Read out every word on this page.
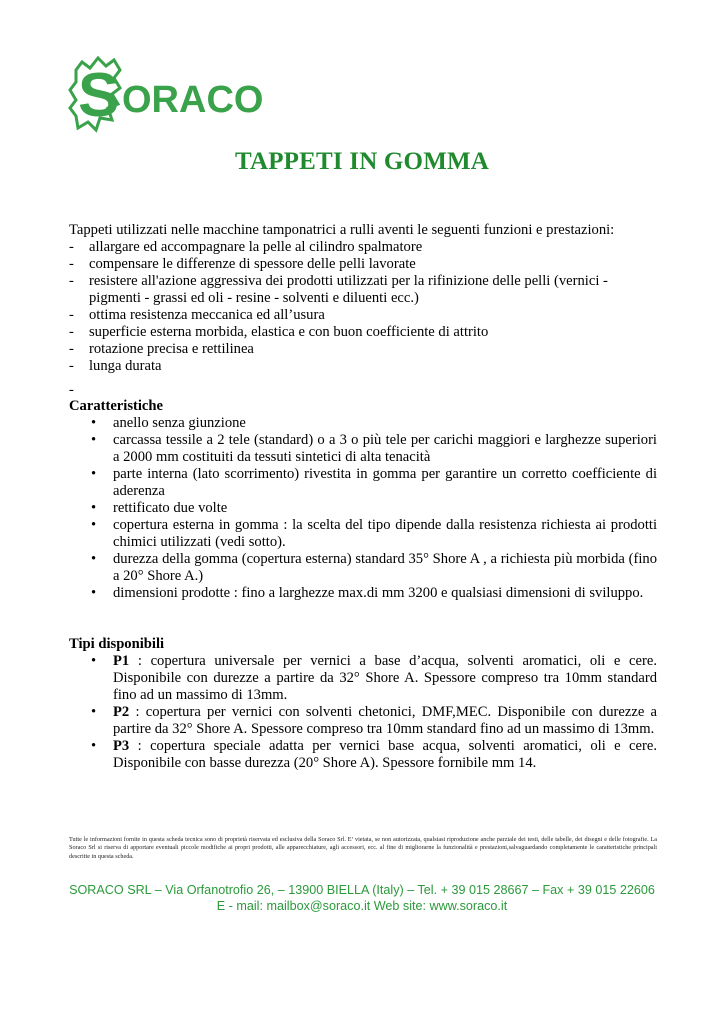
S ORACO
TAPPETI IN GOMMA

Tappeti utilizzati nelle macchine tamponatrici a rulli aventi le seguenti funzioni e prestazioni:

- allargare ed accompagnare la pelle al cilindro spalmatore
- compensare le differenze di spessore delle pelli lavorate
- resistere all'azione aggressiva dei prodotti utilizzati per la rifinizione delle pelli (vernici - pigmenti - grassi ed oli - resine - solventi e diluenti ecc.)
- ottima resistenza meccanica ed all’usura
- superficie esterna morbida, elastica e con buon coefficiente di attrito
- rotazione precisa e rettilinea
- lunga durata

-

Caratteristiche

• anello senza giunzione
• carcassa tessile a 2 tele (standard) o a 3 o più tele per carichi maggiori e larghezze superiori a 2000 mm costituiti da tessuti sintetici di alta tenacità
• parte interna (lato scorrimento) rivestita in gomma per garantire un corretto coefficiente di aderenza
• rettificato due volte
• copertura esterna in gomma : la scelta del tipo dipende dalla resistenza richiesta ai prodotti chimici utilizzati (vedi sotto).
• durezza della gomma (copertura esterna) standard 35° Shore A , a richiesta più morbida (fino a 20° Shore A.)
• dimensioni prodotte : fino a larghezze max.di mm 3200 e qualsiasi dimensioni di sviluppo.

Tipi disponibili

• P1 : copertura universale per vernici a base d’acqua, solventi aromatici, oli e cere. Disponibile con durezze a partire da 32° Shore A. Spessore compreso tra 10mm standard fino ad un massimo di 13mm.
• P2 : copertura per vernici con solventi chetonici, DMF,MEC. Disponibile con durezze a partire da 32° Shore A. Spessore compreso tra 10mm standard fino ad un massimo di 13mm.
• P3 : copertura speciale adatta per vernici base acqua, solventi aromatici, oli e cere. Disponibile con basse durezza (20° Shore A). Spessore fornibile mm 14.
Tutte le informazioni fornite in questa scheda tecnica sono di proprietà riservata ed esclusiva della Soraco Srl. E’ vietata, se non autorizzata, qualsiasi riproduzione anche parziale dei testi, delle tabelle, dei disegni e delle fotografie. La Soraco Srl si riserva di apportare eventuali piccole modifiche ai propri prodotti, alle apparecchiature, agli accessori, ecc. al fine di migliorarne la funzionalità e prestazioni,salvaguardando completamente le caratteristiche principali descritte in questa scheda.
SORACO SRL – Via Orfanotrofio 26, – 13900 BIELLA (Italy) – Tel. + 39 015 28667 – Fax + 39 015 22606
E - mail: mailbox@soraco.it Web site: www.soraco.it
